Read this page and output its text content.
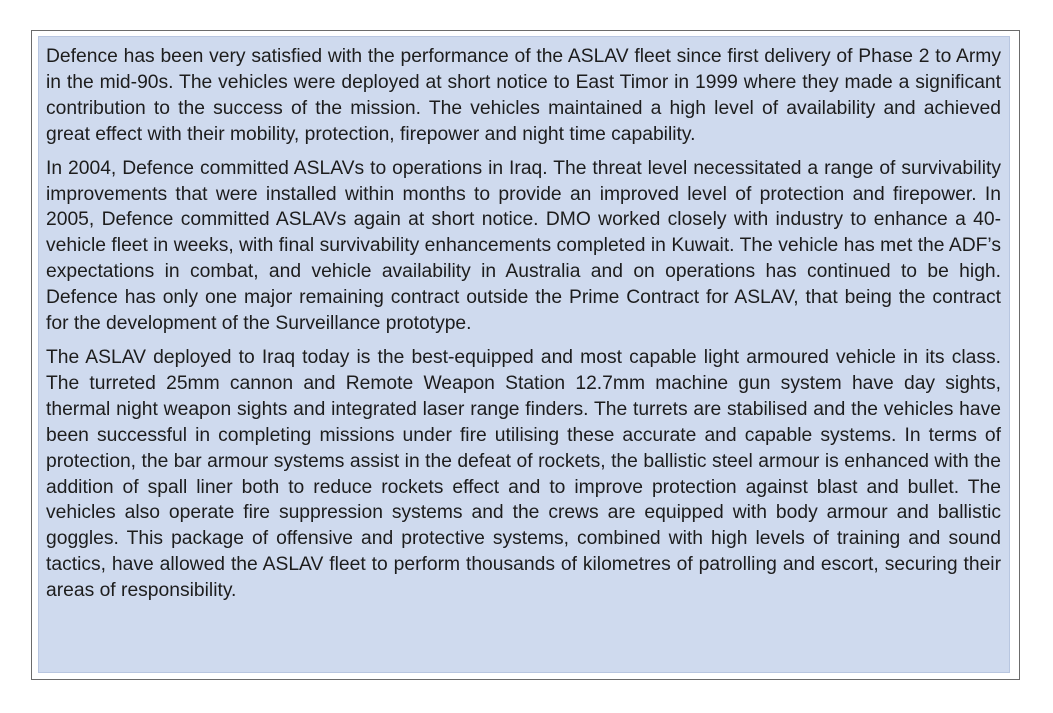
Defence has been very satisfied with the performance of the ASLAV fleet since first delivery of Phase 2 to Army in the mid-90s. The vehicles were deployed at short notice to East Timor in 1999 where they made a significant contribution to the success of the mission. The vehicles maintained a high level of availability and achieved great effect with their mobility, protection, firepower and night time capability.

In 2004, Defence committed ASLAVs to operations in Iraq. The threat level necessitated a range of survivability improvements that were installed within months to provide an improved level of protection and firepower. In 2005, Defence committed ASLAVs again at short notice. DMO worked closely with industry to enhance a 40-vehicle fleet in weeks, with final survivability enhancements completed in Kuwait. The vehicle has met the ADF’s expectations in combat, and vehicle availability in Australia and on operations has continued to be high. Defence has only one major remaining contract outside the Prime Contract for ASLAV, that being the contract for the development of the Surveillance prototype.

The ASLAV deployed to Iraq today is the best-equipped and most capable light armoured vehicle in its class. The turreted 25mm cannon and Remote Weapon Station 12.7mm machine gun system have day sights, thermal night weapon sights and integrated laser range finders. The turrets are stabilised and the vehicles have been successful in completing missions under fire utilising these accurate and capable systems. In terms of protection, the bar armour systems assist in the defeat of rockets, the ballistic steel armour is enhanced with the addition of spall liner both to reduce rockets effect and to improve protection against blast and bullet. The vehicles also operate fire suppression systems and the crews are equipped with body armour and ballistic goggles. This package of offensive and protective systems, combined with high levels of training and sound tactics, have allowed the ASLAV fleet to perform thousands of kilometres of patrolling and escort, securing their areas of responsibility.
